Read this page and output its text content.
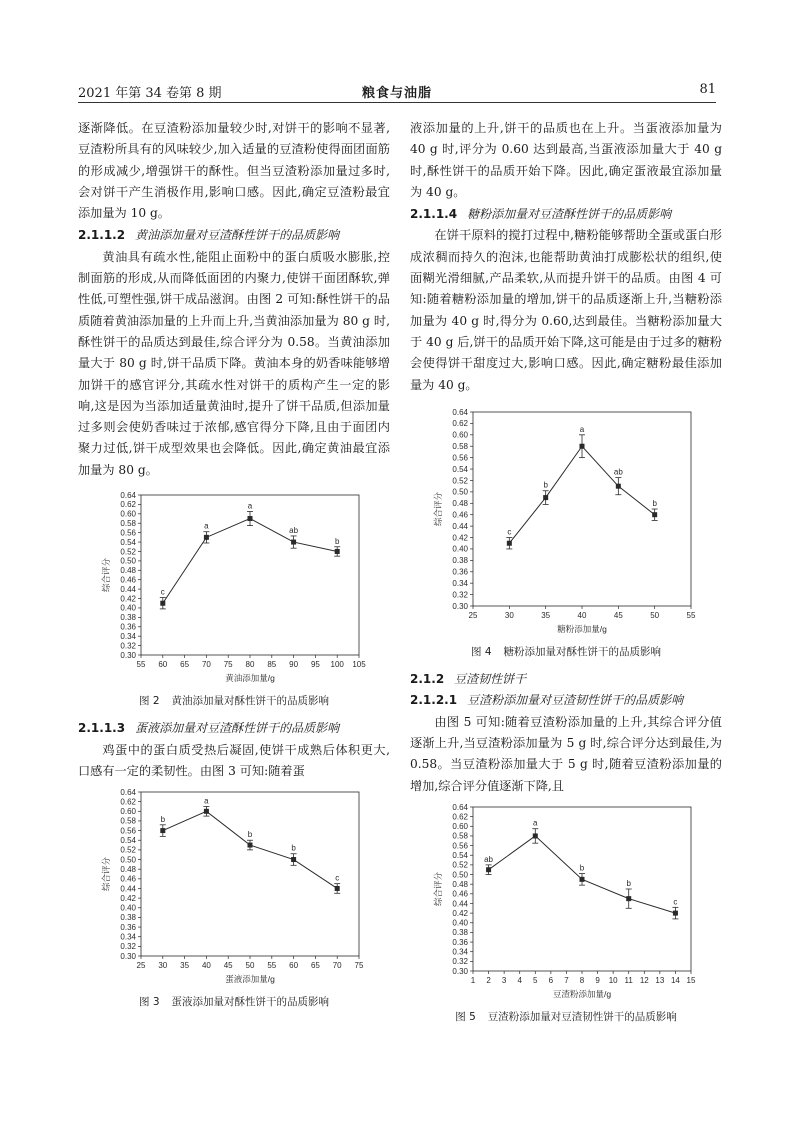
2021 年第 34 卷第 8 期	粮食与油脂	81

逐渐降低。在豆渣粉添加量较少时,对饼干的影响不显著,豆渣粉所具有的风味较少,加入适量的豆渣粉使得面团面筋的形成减少,增强饼干的酥性。但当豆渣粉添加量过多时,会对饼干产生消极作用,影响口感。因此,确定豆渣粉最宜添加量为 10 g。

2.1.1.2 黄油添加量对豆渣酥性饼干的品质影响

黄油具有疏水性,能阻止面粉中的蛋白质吸水膨胀,控制面筋的形成,从而降低面团的内聚力,使饼干面团酥软,弹性低,可塑性强,饼干成品滋润。由图 2 可知:酥性饼干的品质随着黄油添加量的上升而上升,当黄油添加量为 80 g 时,酥性饼干的品质达到最佳,综合评分为 0.58。当黄油添加量大于 80 g 时,饼干品质下降。黄油本身的奶香味能够增加饼干的感官评分,其疏水性对饼干的质构产生一定的影响,这是因为当添加适量黄油时,提升了饼干品质,但添加量过多则会使奶香味过于浓郁,感官得分下降,且由于面团内聚力过低,饼干成型效果也会降低。因此,确定黄油最宜添加量为 80 g。

0.30
0.32
0.34
0.36
0.38
0.40
0.42
0.44
0.46
0.48
0.50
0.52
0.54
0.56
0.58
0.60
0.62
0.64
55 60 65 70 75 80 85 90 95 100 105
黄油添加量/g
综合评分
c
a
a
ab
b

图 2 黄油添加量对酥性饼干的品质影响

2.1.1.3 蛋液添加量对豆渣酥性饼干的品质影响

鸡蛋中的蛋白质受热后凝固,使饼干成熟后体积更大,口感有一定的柔韧性。由图 3 可知:随着蛋

0.30
0.32
0.34
0.36
0.38
0.40
0.42
0.44
0.46
0.48
0.50
0.52
0.54
0.56
0.58
0.60
0.62
0.64
25 30 35 40 45 50 55 60 65 70 75
蛋液添加量/g
综合评分
b
a
b
b
c

图 3 蛋液添加量对酥性饼干的品质影响

液添加量的上升,饼干的品质也在上升。当蛋液添加量为 40 g 时,评分为 0.60 达到最高,当蛋液添加量大于 40 g 时,酥性饼干的品质开始下降。因此,确定蛋液最宜添加量为 40 g。

2.1.1.4 糖粉添加量对豆渣酥性饼干的品质影响

在饼干原料的搅打过程中,糖粉能够帮助全蛋或蛋白形成浓稠而持久的泡沫,也能帮助黄油打成膨松状的组织,使面糊光滑细腻,产品柔软,从而提升饼干的品质。由图 4 可知:随着糖粉添加量的增加,饼干的品质逐渐上升,当糖粉添加量为 40 g 时,得分为 0.60,达到最佳。当糖粉添加量大于 40 g 后,饼干的品质开始下降,这可能是由于过多的糖粉会使得饼干甜度过大,影响口感。因此,确定糖粉最佳添加量为 40 g。

0.30
0.32
0.34
0.36
0.38
0.40
0.42
0.44
0.46
0.48
0.50
0.52
0.54
0.56
0.58
0.60
0.62
0.64
25	30	35	40	45	50	55
糖粉添加量/g
综合评分
c
b
a
ab
b

图 4 糖粉添加量对酥性饼干的品质影响

2.1.2 豆渣韧性饼干
2.1.2.1 豆渣粉添加量对豆渣韧性饼干的品质影响

由图 5 可知:随着豆渣粉添加量的上升,其综合评分值逐渐上升,当豆渣粉添加量为 5 g 时,综合评分达到最佳,为 0.58。当豆渣粉添加量大于 5 g 时,随着豆渣粉添加量的增加,综合评分值逐渐下降,且

0.30
0.32
0.34
0.36
0.38
0.40
0.42
0.44
0.46
0.48
0.50
0.52
0.54
0.56
0.58
0.60
0.62
0.64
1 2 3 4 5 6 7 8 9 10 11 12 13 14 15
豆渣粉添加量/g
综合评分
ab
a
b
b
c

图 5 豆渣粉添加量对豆渣韧性饼干的品质影响
